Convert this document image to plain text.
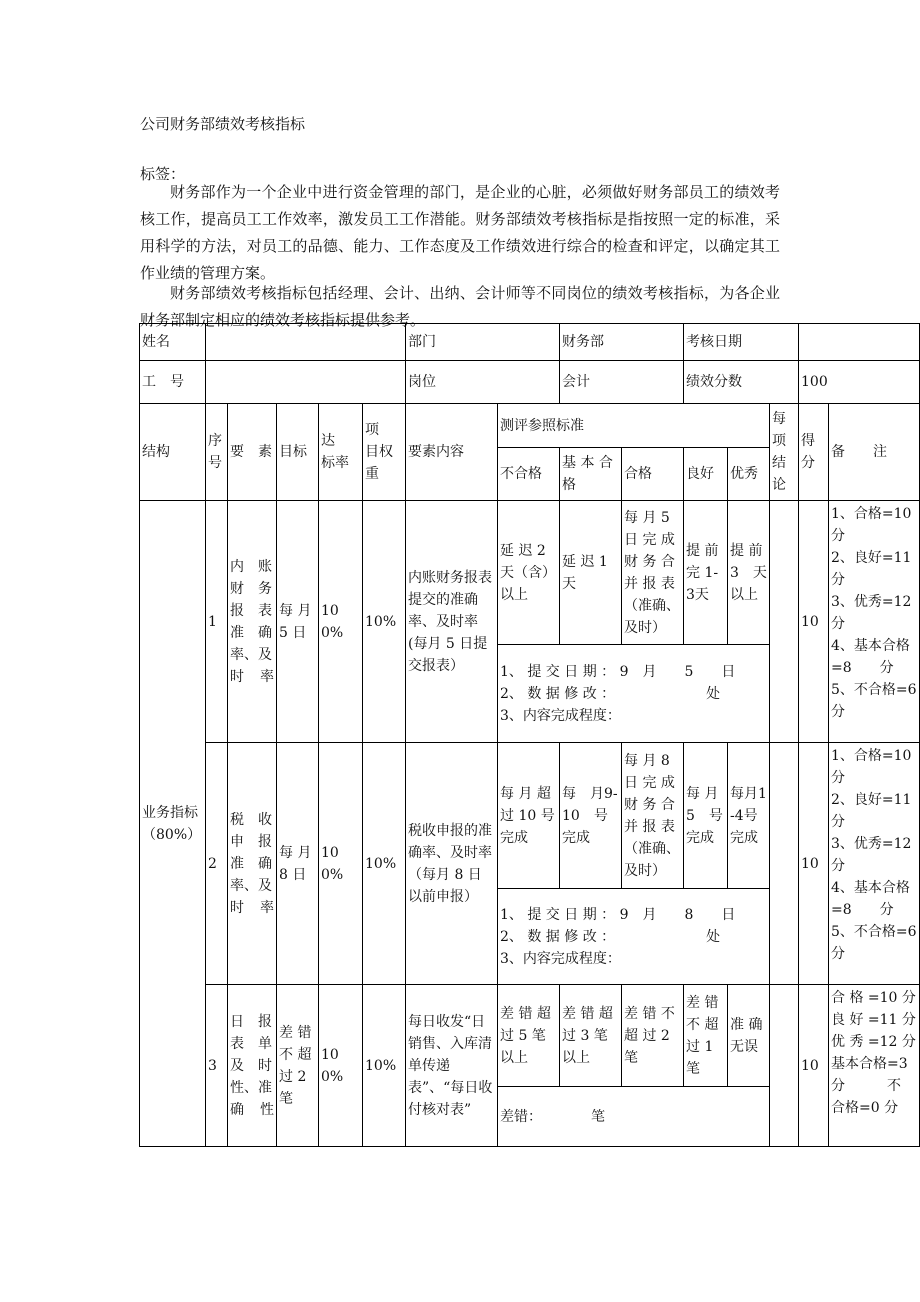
公司财务部绩效考核指标
标签：
财务部作为一个企业中进行资金管理的部门，是企业的心脏，必须做好财务部员工的绩效考核工作，提高员工工作效率，激发员工工作潜能。财务部绩效考核指标是指按照一定的标准，采用科学的方法，对员工的品德、能力、工作态度及工作绩效进行综合的检查和评定，以确定其工作业绩的管理方案。
财务部绩效考核指标包括经理、会计、出纳、会计师等不同岗位的绩效考核指标，为各企业财务部制定相应的绩效考核指标提供参考。
姓名						部门		财务部		考核日期				
工　号						岗位		会计		绩效分数			100	
结构	序号	要　素	目标	达　标率	项　目权重	要素内容	测评参照标准					每项结论	得分	备　　注
							不合格	基 本 合格	合格	良好	优秀			
业务指标（80%）	1	内　账财　务报　表准　确率、及时率	每 月5 日	100%	10%	内账财务报表提交的准确率、及时率(每月 5 日提交报表）	延 迟 2天（含）以上	延 迟 1天	每 月 5日 完 成财 务 合并 报 表（准确、及时）	提 前完 1-3天	提 前3　天以上		10	1、合格=10分
2、良好=11分
3、优秀=12分
4、基本合格=8　　分
5、不合格=6分

							1、 提 交 日 期 ： 9　月　　5　　日
2、 数 据 修 改 ：　　　　　　　处
3、内容完成程度：							

	2	税　收申　报准　确率、及时率	每 月8 日	100%	10%	税收申报的准确率、及时率（每月 8 日以前申报）	每 月 超过 10 号完成	每　月9-10　号完成	每 月 8日 完 成财 务 合并 报 表（准确、及时）	每 月5　号完成	每月1-4号 完成		10	1、合格=10分
2、良好=11分
3、优秀=12分
4、基本合格=8　　分
5、不合格=6分

							1、 提 交 日 期 ： 9　月　　8　　日
2、 数 据 修 改 ：　　　　　　　处
3、内容完成程度：							

	3	日　报表　单及　时性、准确性	差 错不 超过 2笔	100%	10%	每日收发“日销售、入库清单传递表”、“每日收付核对表”	差 错 超过 5 笔以上	差 错 超过 3 笔以上	差 错 不超 过 2笔	差 错不 超过 1笔	准 确无误		10	合 格 =10 分
良 好 =11 分
优 秀 =12 分
基本合格=3分　　　不
合格=0 分

							差错：　　　　笔							
